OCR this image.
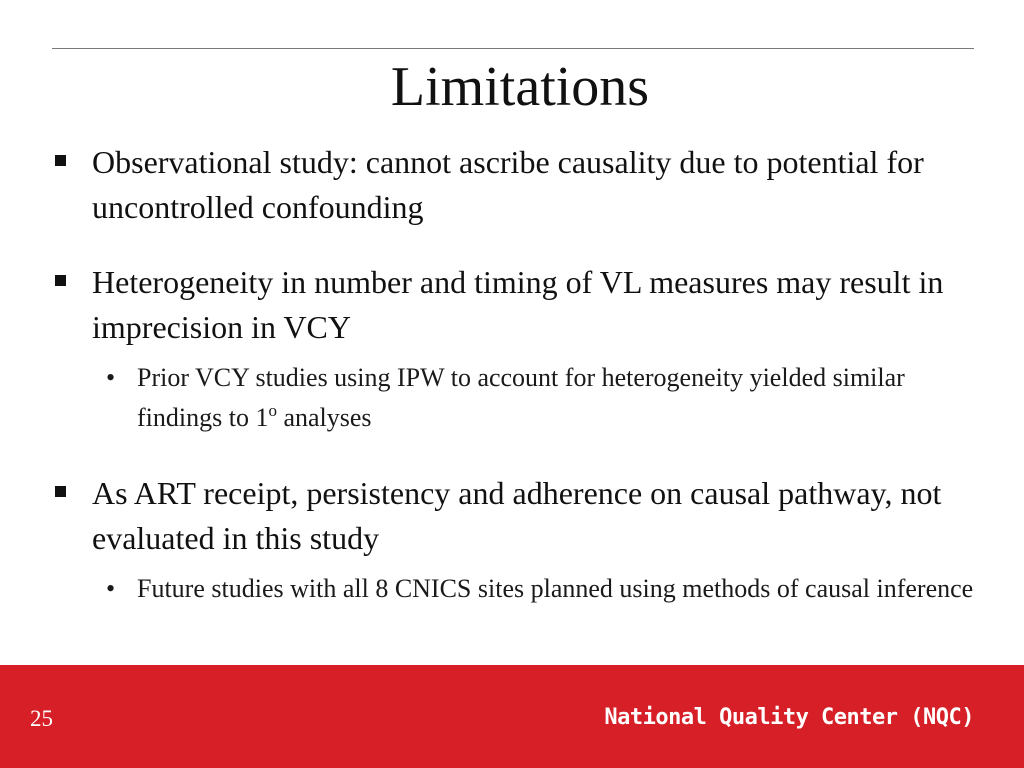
Limitations
Observational study: cannot ascribe causality due to potential for uncontrolled confounding
Heterogeneity in number and timing of VL measures may result in imprecision in VCY
• Prior VCY studies using IPW to account for heterogeneity yielded similar findings to 1$^o$ analyses
As ART receipt, persistency and adherence on causal pathway, not evaluated in this study
• Future studies with all 8 CNICS sites planned using methods of causal inference
25	National Quality Center (NQC)
